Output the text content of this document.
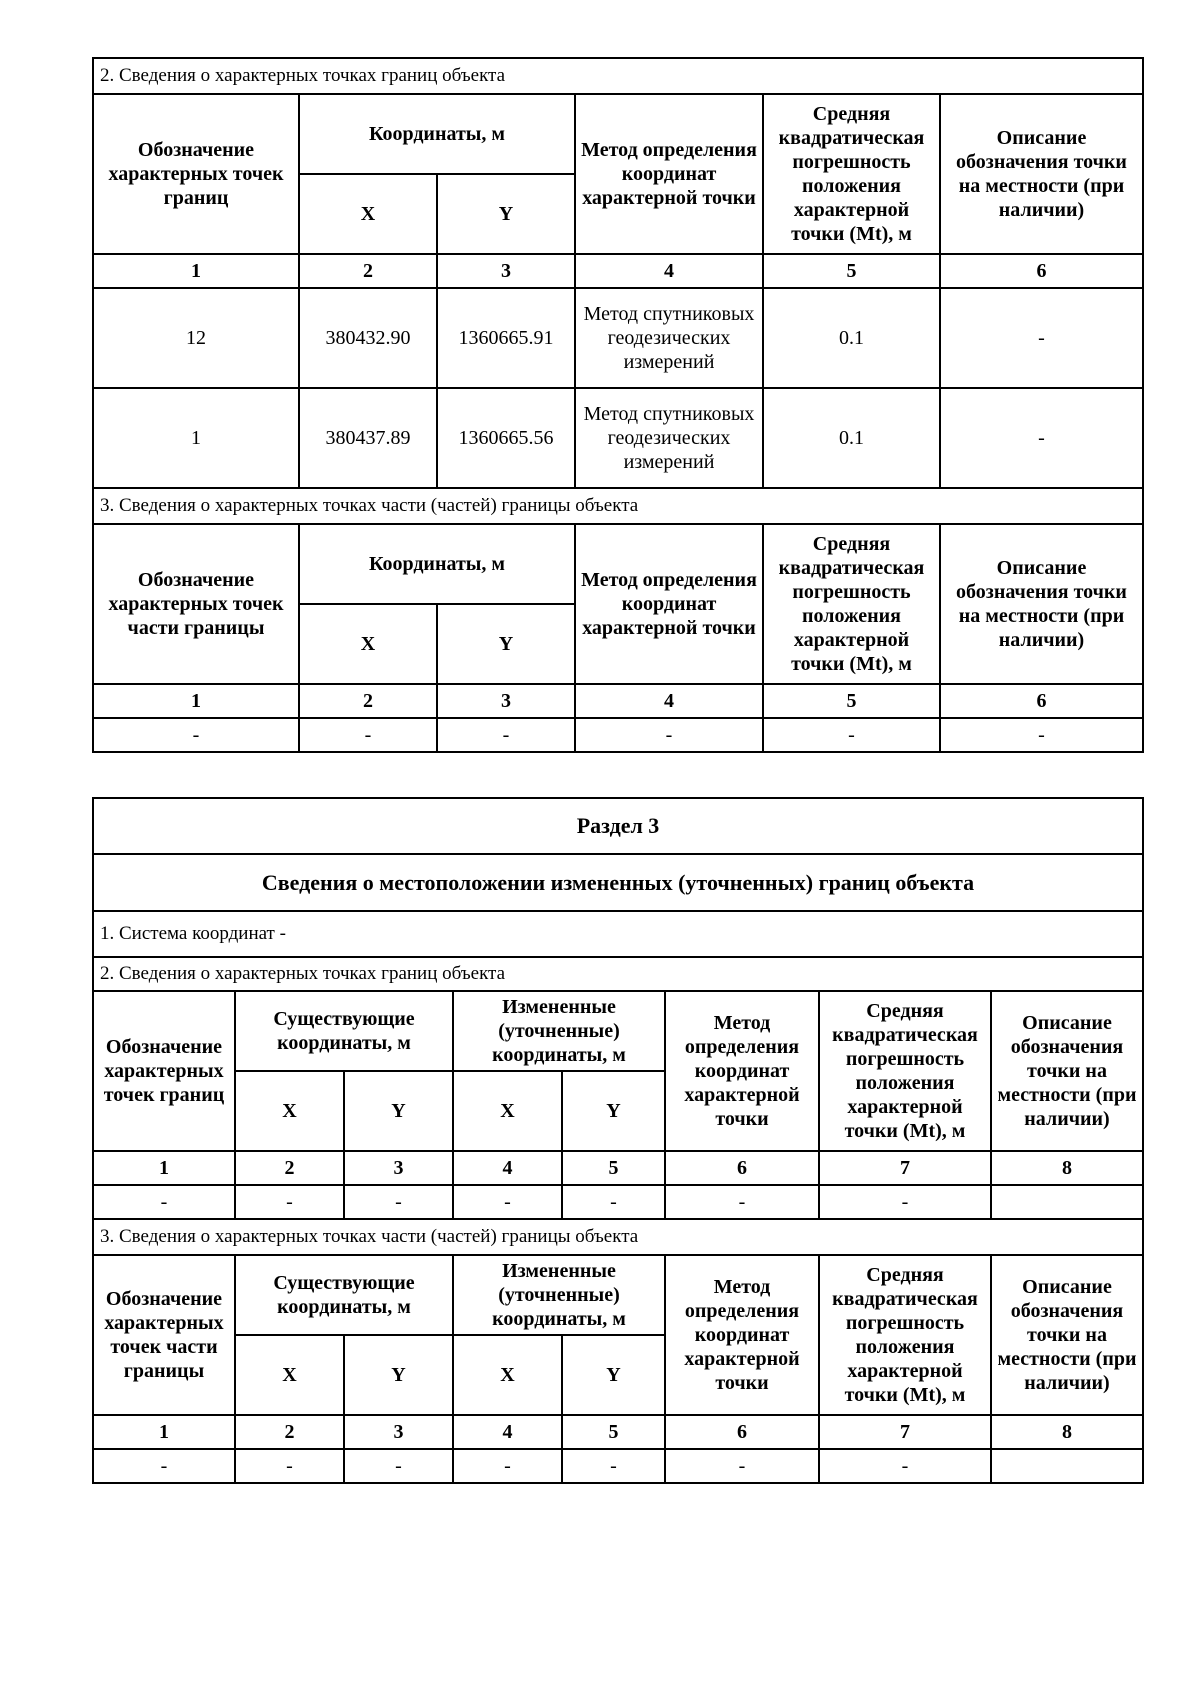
2. Сведения о характерных точках границ объекта					
Обозначение характерных точек границ	Координаты, м		Метод определения координат характерной точки	Средняя квадратическая погрешность положения характерной точки (Mt), м	Описание обозначения точки на местности (при наличии)
	X	Y			
1	2	3	4	5	6
12	380432.90	1360665.91	Метод спутниковых геодезических измерений	0.1	-
1	380437.89	1360665.56	Метод спутниковых геодезических измерений	0.1	-
3. Сведения о характерных точках части (частей) границы объекта					
Обозначение характерных точек части границы	Координаты, м		Метод определения координат характерной точки	Средняя квадратическая погрешность положения характерной точки (Mt), м	Описание обозначения точки на местности (при наличии)
	X	Y			
1	2	3	4	5	6
-	-	-	-	-	-
Раздел 3							
Сведения о местоположении измененных (уточненных) границ объекта							
1. Система координат -							
2. Сведения о характерных точках границ объекта							
Обозначение характерных точек границ	Существующие координаты, м		Измененные (уточненные) координаты, м		Метод определения координат характерной точки	Средняя квадратическая погрешность положения характерной точки (Mt), м	Описание обозначения точки на местности (при наличии)
	X	Y	X	Y			
1	2	3	4	5	6	7	8
-	-	-	-	-	-	-	
3. Сведения о характерных точках части (частей) границы объекта							
Обозначение характерных точек части границы	Существующие координаты, м		Измененные (уточненные) координаты, м		Метод определения координат характерной точки	Средняя квадратическая погрешность положения характерной точки (Mt), м	Описание обозначения точки на местности (при наличии)
	X	Y	X	Y			
1	2	3	4	5	6	7	8
-	-	-	-	-	-	-	
